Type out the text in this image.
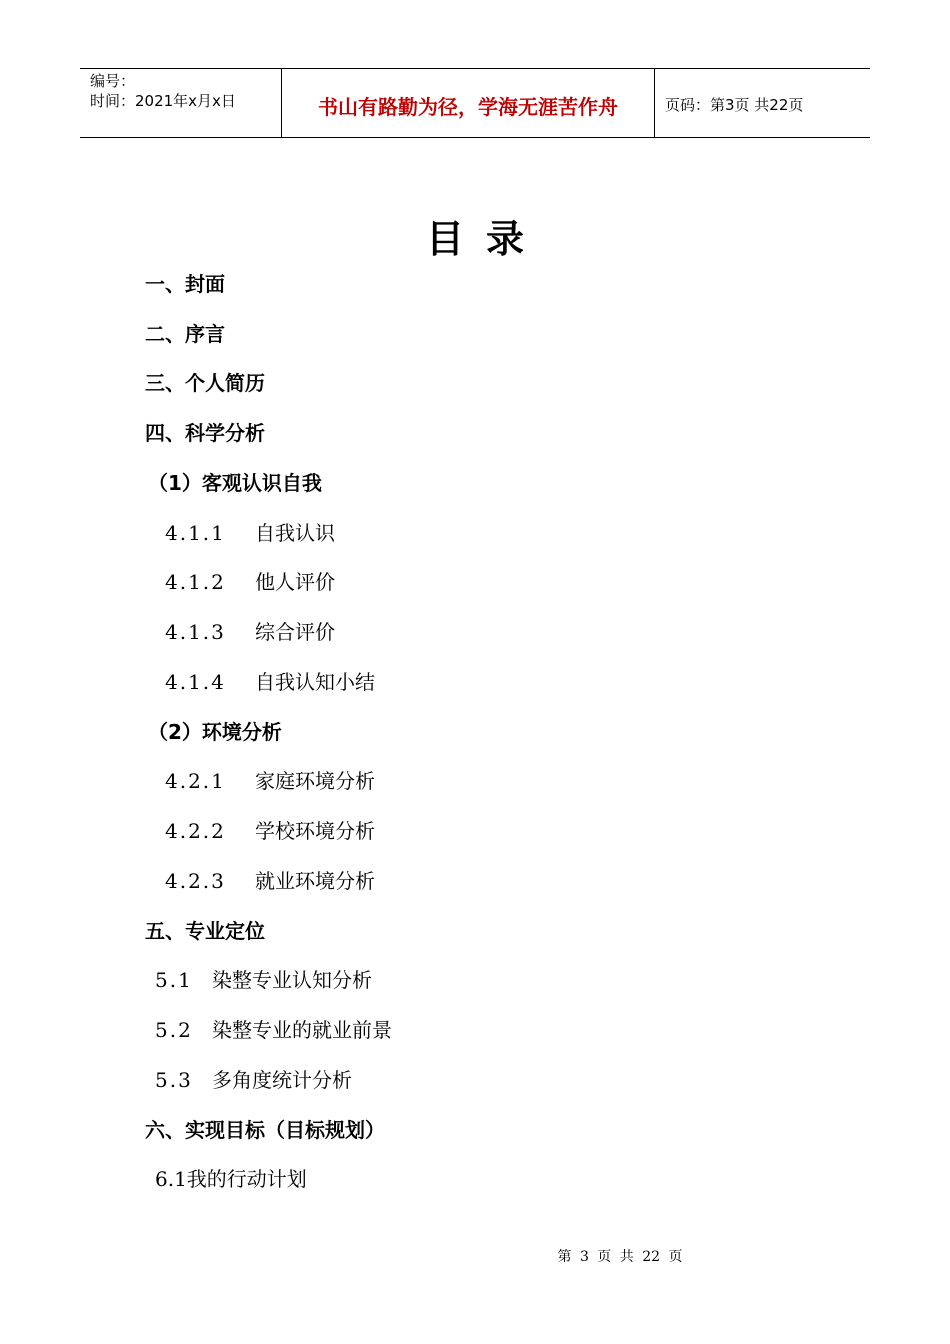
编号：
时间：2021年x月x日	书山有路勤为径，学海无涯苦作舟	页码：第3页 共22页
目录
一、封面
二、序言
三、个人简历
四、科学分析
（1）客观认识自我
4.1.1 自我认识
4.1.2 他人评价
4.1.3 综合评价
4.1.4 自我认知小结
（2）环境分析
4.2.1 家庭环境分析
4.2.2 学校环境分析
4.2.3 就业环境分析
五、专业定位
5.1 染整专业认知分析
5.2 染整专业的就业前景
5.3 多角度统计分析
六、实现目标（目标规划）
6.1我的行动计划
第 3 页 共 22 页
